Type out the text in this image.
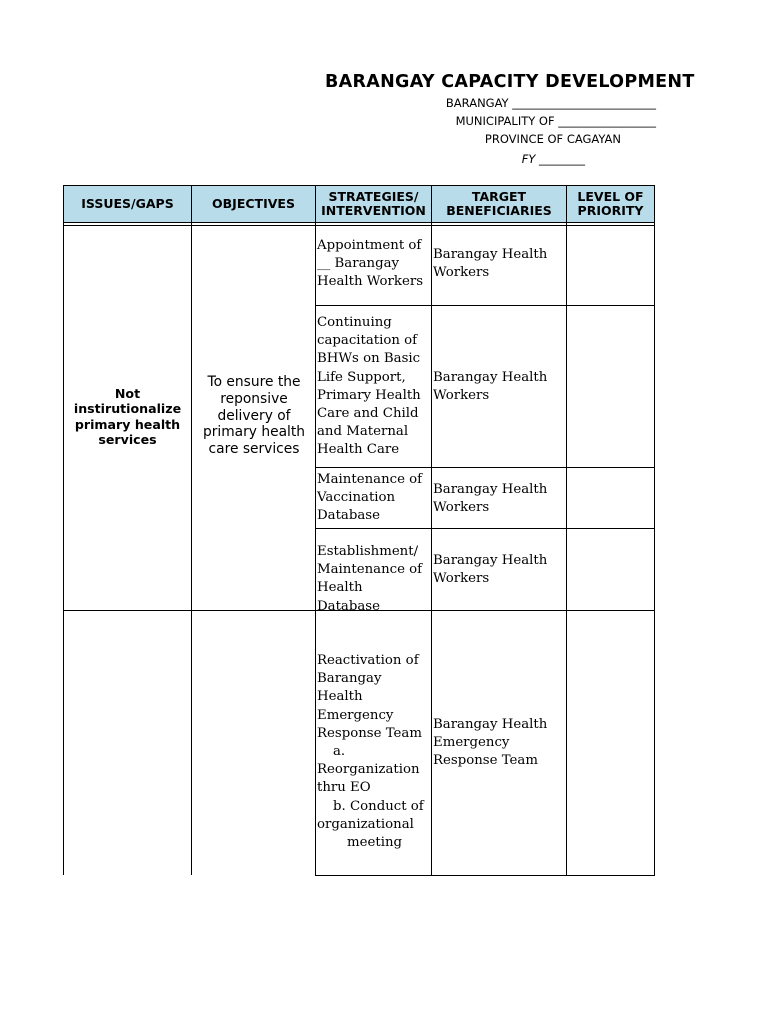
BARANGAY CAPACITY DEVELOPMENT
BARANGAY _________________________
MUNICIPALITY OF _________________
PROVINCE OF CAGAYAN
FY ________
ISSUES/GAPS	OBJECTIVES	STRATEGIES/ INTERVENTION
TARGET BENEFICIARIES
LEVEL OF PRIORITY
Not instirutionalize primary health services
To ensure the reponsive delivery of primary health care services
Appointment of __ Barangay Health Workers
Barangay Health Workers
Continuing capacitation of BHWs on Basic Life Support, Primary Health Care and Child and Maternal Health Care
Barangay Health Workers
Maintenance of Vaccination Database
Barangay Health Workers
Establishment/ Maintenance of Health Database
Barangay Health Workers
Reactivation of
Barangay Health
Emergency
Response Team
a.
Reorganization
thru EO
b. Conduct of
organizational
meeting
Barangay Health Emergency Response Team
